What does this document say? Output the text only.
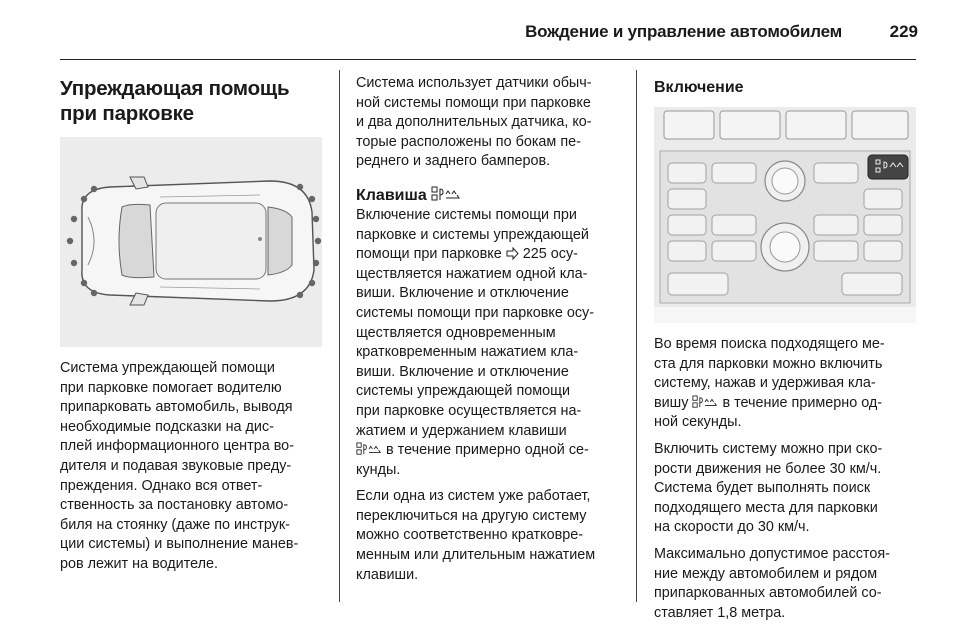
Вождение и управление автомобилем	229
Упреждающая помощь
при парковке

Система упреждающей помощи
при парковке помогает водителю
припарковать автомобиль, выводя
необходимые подсказки на дис-
плей информационного центра во-
дителя и подавая звуковые преду-
преждения. Однако вся ответ-
ственность за постановку автомо-
биля на стоянку (даже по инструк-
ции системы) и выполнение манев-
ров лежит на водителе.

Система использует датчики обыч-
ной системы помощи при парковке
и два дополнительных датчика, ко-
торые расположены по бокам пе-
реднего и заднего бамперов.

Клавиша

Включение системы помощи при
парковке и системы упреждающей
помощи при парковке 225 осу-
ществляется нажатием одной кла-
виши. Включение и отключение
системы помощи при парковке осу-
ществляется одновременным
кратковременным нажатием кла-
виши. Включение и отключение
системы упреждающей помощи
при парковке осуществляется на-
жатием и удержанием клавиши
в течение примерно одной се-
кунды.

Если одна из систем уже работает,
переключиться на другую систему
можно соответственно кратковре-
менным или длительным нажатием
клавиши.

Включение

Во время поиска подходящего ме-
ста для парковки можно включить
систему, нажав и удерживая кла-
вишу в течение примерно од-
ной секунды.

Включить систему можно при ско-
рости движения не более 30 км/ч.
Система будет выполнять поиск
подходящего места для парковки
на скорости до 30 км/ч.

Максимально допустимое расстоя-
ние между автомобилем и рядом
припаркованных автомобилей со-
ставляет 1,8 метра.
